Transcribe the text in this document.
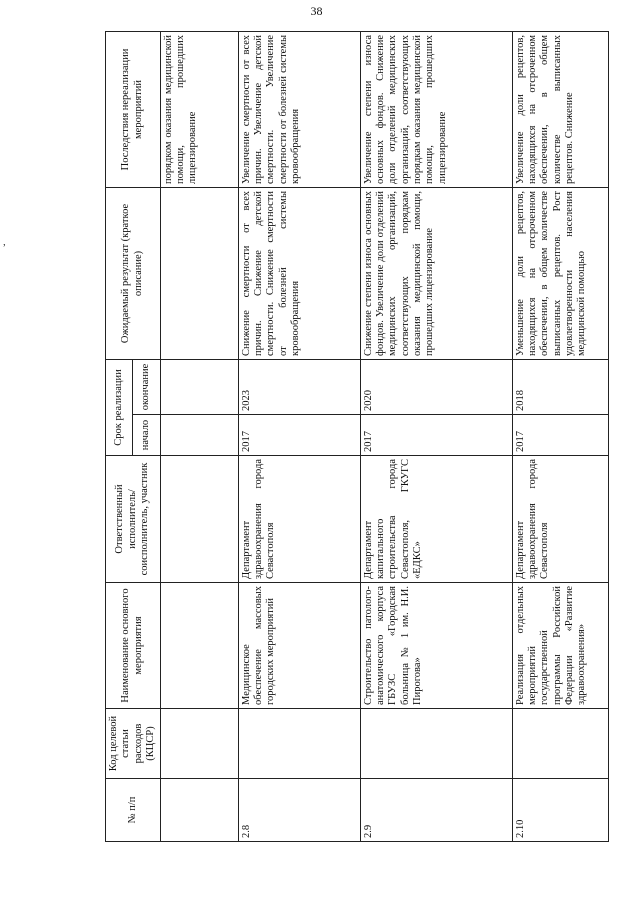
38
,
№ п/п	Код целевой статьи расходов (КЦСР)	Наименование основного мероприятия	Ответственный исполнитель/соисполнитель, участник	Срок реализации		Ожидаемый результат (краткое описание)	Последствия нереализации мероприятий
				начало	окончание		
							порядком оказания медицинской помощи, прошедших лицензирование
2.8		Медицинское обеспечение массовых городских мероприятий	Департамент здравоохранения города Севастополя	2017	2023	Снижение смертности от всех причин. Снижение детской смертности. Снижение смертности от болезней системы кровообращения	Увеличение смертности от всех причин. Увеличение детской смертности. Увеличение смертности от болезней системы кровообращения
2.9		Строительство патолого-анатомического корпуса ГБУЗС «Городская больница № 1 им. Н.И. Пирогова»	Департамент капитального строительства города Севастополя, ГКУГС «ЕДКС»	2017	2020	Снижение степени износа основных фондов. Увеличение доли отделений медицинских организаций, соответствующих порядкам оказания медицинской помощи, прошедших лицензирование	Увеличение степени износа основных фондов. Снижение доли отделений медицинских организаций, соответствующих порядкам оказания медицинской помощи, прошедших лицензирование
2.10		Реализация отдельных мероприятий государственной программы Российской Федерации «Развитие здравоохранения»	Департамент здравоохранения города Севастополя	2017	2018	Уменьшение доли рецептов, находящихся на отсроченном обеспечении, в общем количестве выписанных рецептов. Рост удовлетворенности населения медицинской помощью	Увеличение доли рецептов, находящихся на отсроченном обеспечении, в общем количестве выписанных рецептов. Снижение
